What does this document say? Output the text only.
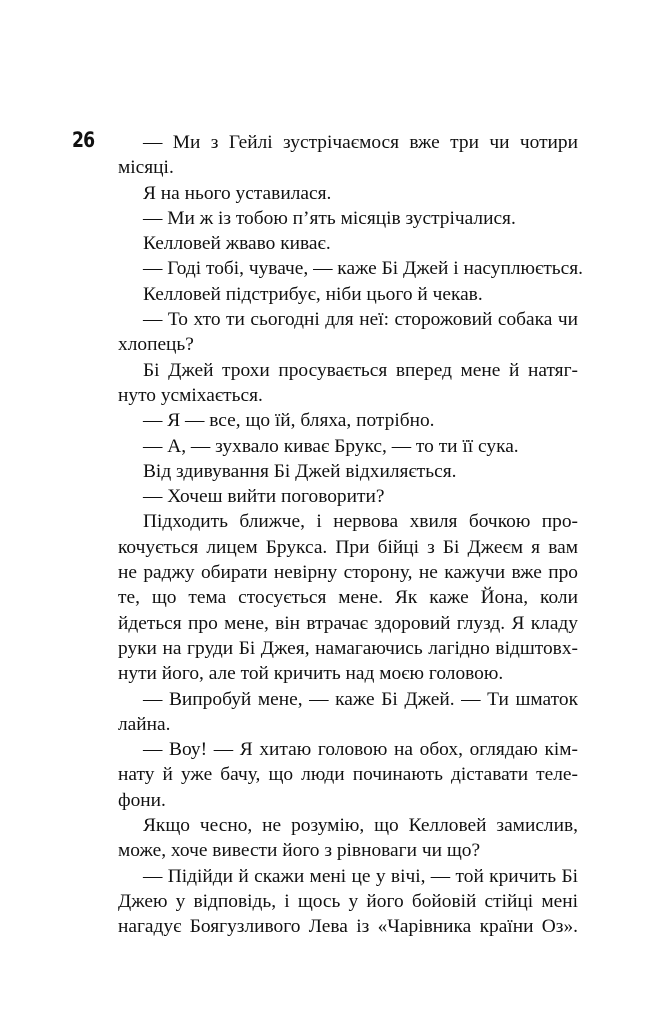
26	— Ми з Гейлі зустрічаємося вже три чи чотири
місяці.
Я на нього уставилася.
— Ми ж із тобою п’ять місяців зустрічалися.
Келловей жваво киває.
— Годі тобі, чуваче, — каже Бі Джей і насуплюється.
Келловей підстрибує, ніби цього й чекав.
— То хто ти сьогодні для неї: сторожовий собака чи
хлопець?
Бі Джей трохи просувається вперед мене й натяг-
нуто усміхається.
— Я — все, що їй, бляха, потрібно.
— А, — зухвало киває Брукс, — то ти її сука.
Від здивування Бі Джей відхиляється.
— Хочеш вийти поговорити?
Підходить ближче, і нервова хвиля бочкою про-
кочується лицем Брукса. При бійці з Бі Джеєм я вам
не раджу обирати невірну сторону, не кажучи вже про
те, що тема стосується мене. Як каже Йона, коли
йдеться про мене, він втрачає здоровий глузд. Я кладу
руки на груди Бі Джея, намагаючись лагідно відштовх-
нути його, але той кричить над моєю головою.
— Випробуй мене, — каже Бі Джей. — Ти шматок
лайна.
— Воу! — Я хитаю головою на обох, оглядаю кім-
нату й уже бачу, що люди починають діставати теле-
фони.
Якщо чесно, не розумію, що Келловей замислив,
може, хоче вивести його з рівноваги чи що?
— Підійди й скажи мені це у вічі, — той кричить Бі
Джею у відповідь, і щось у його бойовій стійці мені
нагадує Боягузливого Лева із «Чарівника країни Оз».
